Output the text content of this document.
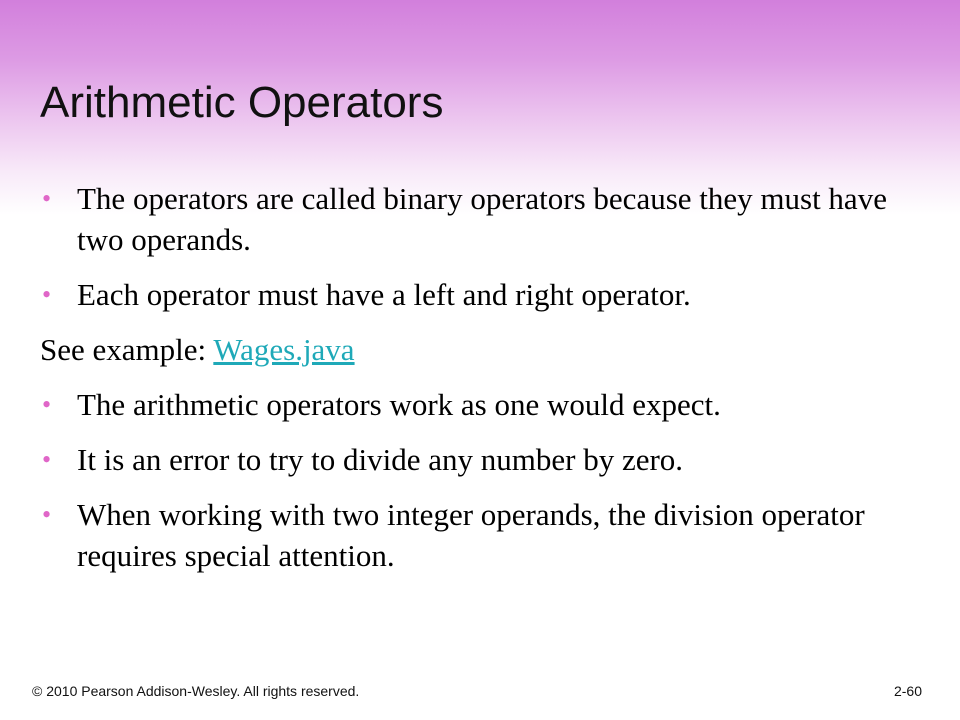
Arithmetic Operators
• The operators are called binary operators because they must have two operands.
• Each operator must have a left and right operator.
See example: Wages.java
• The arithmetic operators work as one would expect.
• It is an error to try to divide any number by zero.
• When working with two integer operands, the division operator requires special attention.
© 2010 Pearson Addison-Wesley. All rights reserved.	2-60
